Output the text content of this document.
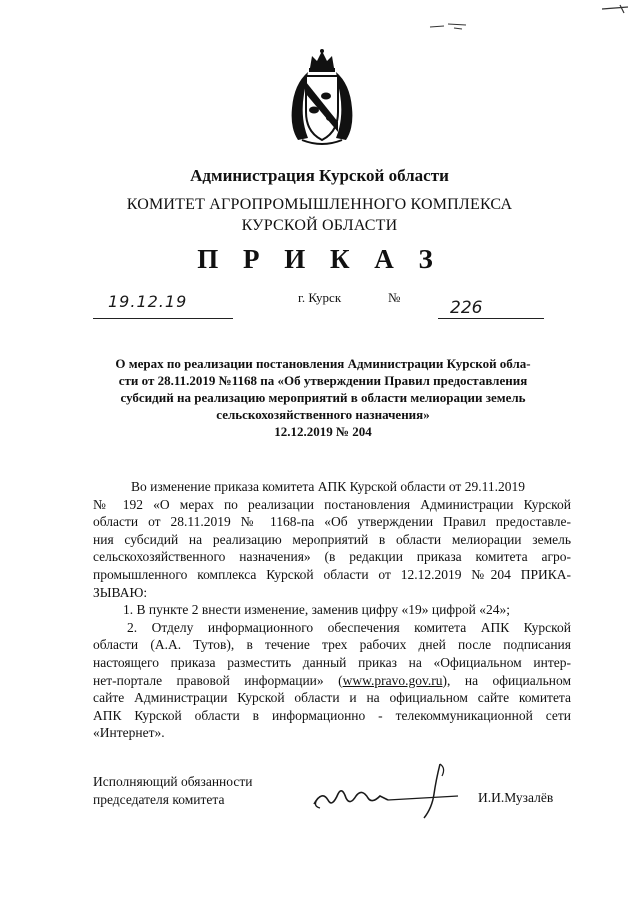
Администрация Курской области
КОМИТЕТ АГРОПРОМЫШЛЕННОГО КОМПЛЕКСА
КУРСКОЙ ОБЛАСТИ
П Р И К А З
19.12.19	г. Курск	№
226
О мерах по реализации постановления Администрации Курской обла-
сти от 28.11.2019 №1168 па «Об утверждении Правил предоставления
субсидий на реализацию мероприятий в области мелиорации земель
сельскохозяйственного назначения»
12.12.2019 № 204
Во изменение приказа комитета АПК Курской области от 29.11.2019
№ 192 «О мерах по реализации постановления Администрации Курской
области от 28.11.2019 № 1168-па «Об утверждении Правил предоставле-
ния субсидий на реализацию мероприятий в области мелиорации земель
сельскохозяйственного назначения» (в редакции приказа комитета агро-
промышленного комплекса Курской области от 12.12.2019 №204 ПРИКА-
ЗЫВАЮ:
1. В пункте 2 внести изменение, заменив цифру «19» цифрой «24»;
2. Отделу информационного обеспечения комитета АПК Курской
области (А.А. Тутов), в течение трех рабочих дней после подписания
настоящего приказа разместить данный приказ на «Официальном интер-
нет-портале правовой информации» (www.pravo.gov.ru), на официальном
сайте Администрации Курской области и на официальном сайте комитета
АПК Курской области в информационно - телекоммуникационной сети
«Интернет».
Исполняющий обязанности
председателя комитета	И.И.Музалёв
